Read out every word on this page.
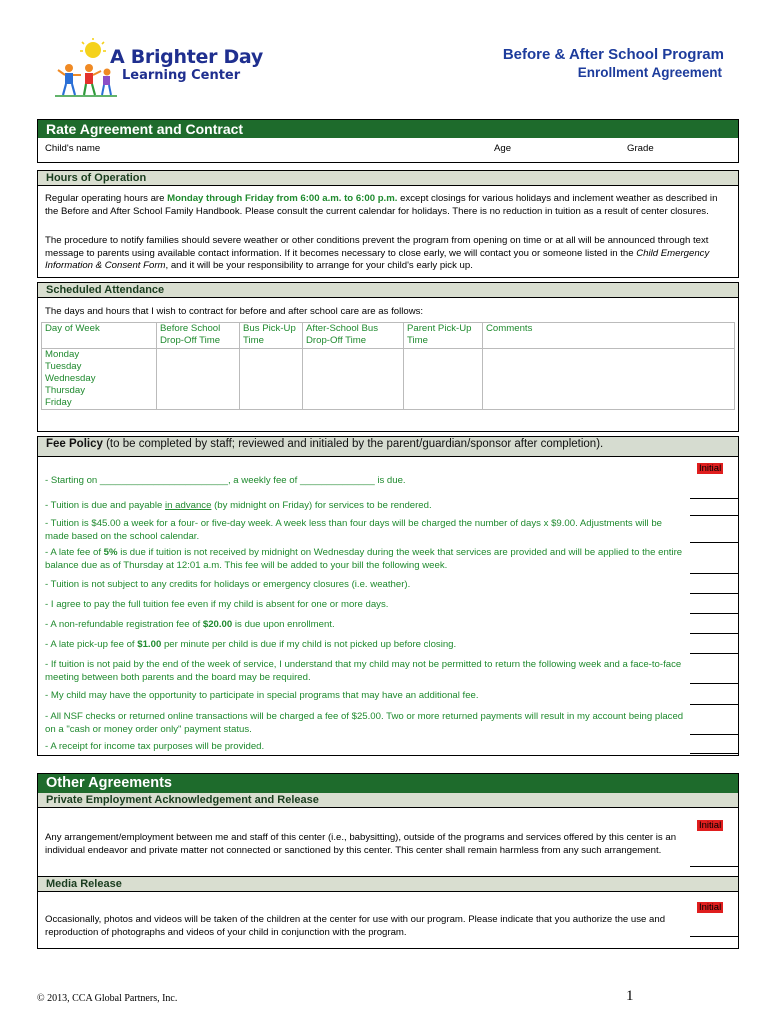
A Brighter Day
Learning Center
Before & After School Program
Enrollment Agreement
Rate Agreement and Contract
Child's name	Age	Grade
Hours of Operation
Regular operating hours are Monday through Friday from 6:00 a.m. to 6:00 p.m. except closings for various holidays and inclement weather as described in the Before and After School Family Handbook. Please consult the current calendar for holidays. There is no reduction in tuition as a result of center closures.
The procedure to notify families should severe weather or other conditions prevent the program from opening on time or at all will be announced through text message to parents using available contact information. If it becomes necessary to close early, we will contact you or someone listed in the Child Emergency Information & Consent Form, and it will be your responsibility to arrange for your child's early pick up.
Scheduled Attendance
The days and hours that I wish to contract for before and after school care are as follows:
Day of Week	Before School Drop-Off Time	Bus Pick-Up Time	After-School Bus Drop-Off Time	Parent Pick-Up Time	Comments

Monday
Tuesday
Wednesday
Thursday
Friday					

Fee Policy (to be completed by staff; reviewed and initialed by the parent/guardian/sponsor after completion).
Initial
- Starting on ________________________, a weekly fee of ______________ is due.
- Tuition is due and payable in advance (by midnight on Friday) for services to be rendered.
- Tuition is $45.00 a week for a four- or five-day week. A week less than four days will be charged the number of days x $9.00. Adjustments will be made based on the school calendar.
- A late fee of 5% is due if tuition is not received by midnight on Wednesday during the week that services are provided and will be applied to the entire balance due as of Thursday at 12:01 a.m. This fee will be added to your bill the following week.
- Tuition is not subject to any credits for holidays or emergency closures (i.e. weather).
- I agree to pay the full tuition fee even if my child is absent for one or more days.
- A non-refundable registration fee of $20.00 is due upon enrollment.
- A late pick-up fee of $1.00 per minute per child is due if my child is not picked up before closing.
- If tuition is not paid by the end of the week of service, I understand that my child may not be permitted to return the following week and a face-to-face meeting between both parents and the board may be required.
- My child may have the opportunity to participate in special programs that may have an additional fee.
- All NSF checks or returned online transactions will be charged a fee of $25.00. Two or more returned payments will result in my account being placed on a "cash or money order only" payment status.
- A receipt for income tax purposes will be provided.
Other Agreements
Private Employment Acknowledgement and Release
Initial
Any arrangement/employment between me and staff of this center (i.e., babysitting), outside of the programs and services offered by this center is an individual endeavor and private matter not connected or sanctioned by this center. This center shall remain harmless from any such arrangement.
Media Release
Initial
Occasionally, photos and videos will be taken of the children at the center for use with our program. Please indicate that you authorize the use and reproduction of photographs and videos of your child in conjunction with the program.
© 2013, CCA Global Partners, Inc.	1
